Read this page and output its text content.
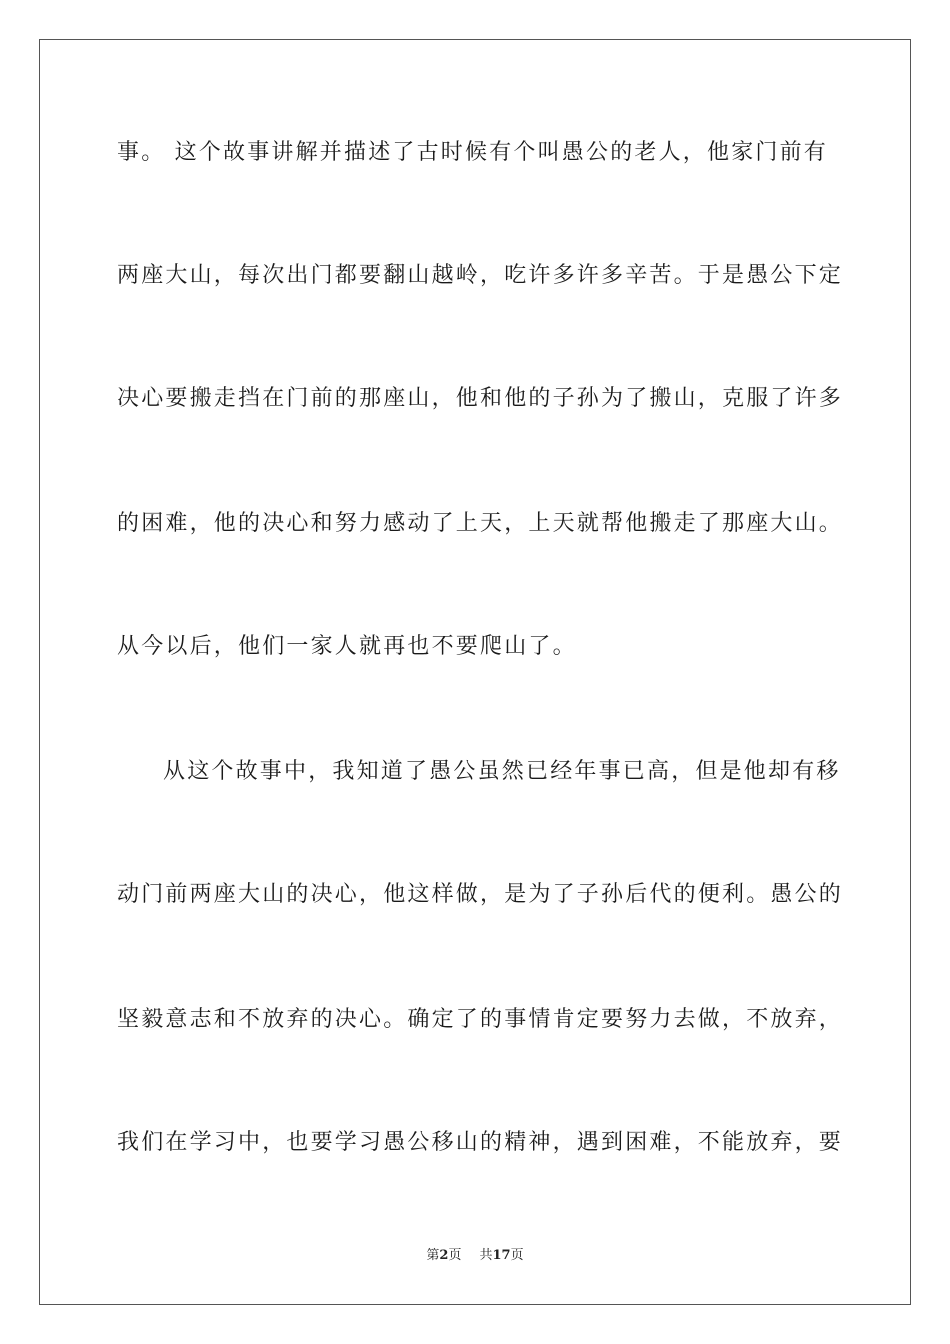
事。 这个故事讲解并描述了古时候有个叫愚公的老人，他家门前有
两座大山，每次出门都要翻山越岭，吃许多许多辛苦。于是愚公下定
决心要搬走挡在门前的那座山，他和他的子孙为了搬山，克服了许多
的困难，他的决心和努力感动了上天，上天就帮他搬走了那座大山。
从今以后，他们一家人就再也不要爬山了。
从这个故事中，我知道了愚公虽然已经年事已高，但是他却有移
动门前两座大山的决心，他这样做，是为了子孙后代的便利。愚公的
坚毅意志和不放弃的决心。确定了的事情肯定要努力去做，不放弃，
我们在学习中，也要学习愚公移山的精神，遇到困难，不能放弃，要
第2页 共17页
